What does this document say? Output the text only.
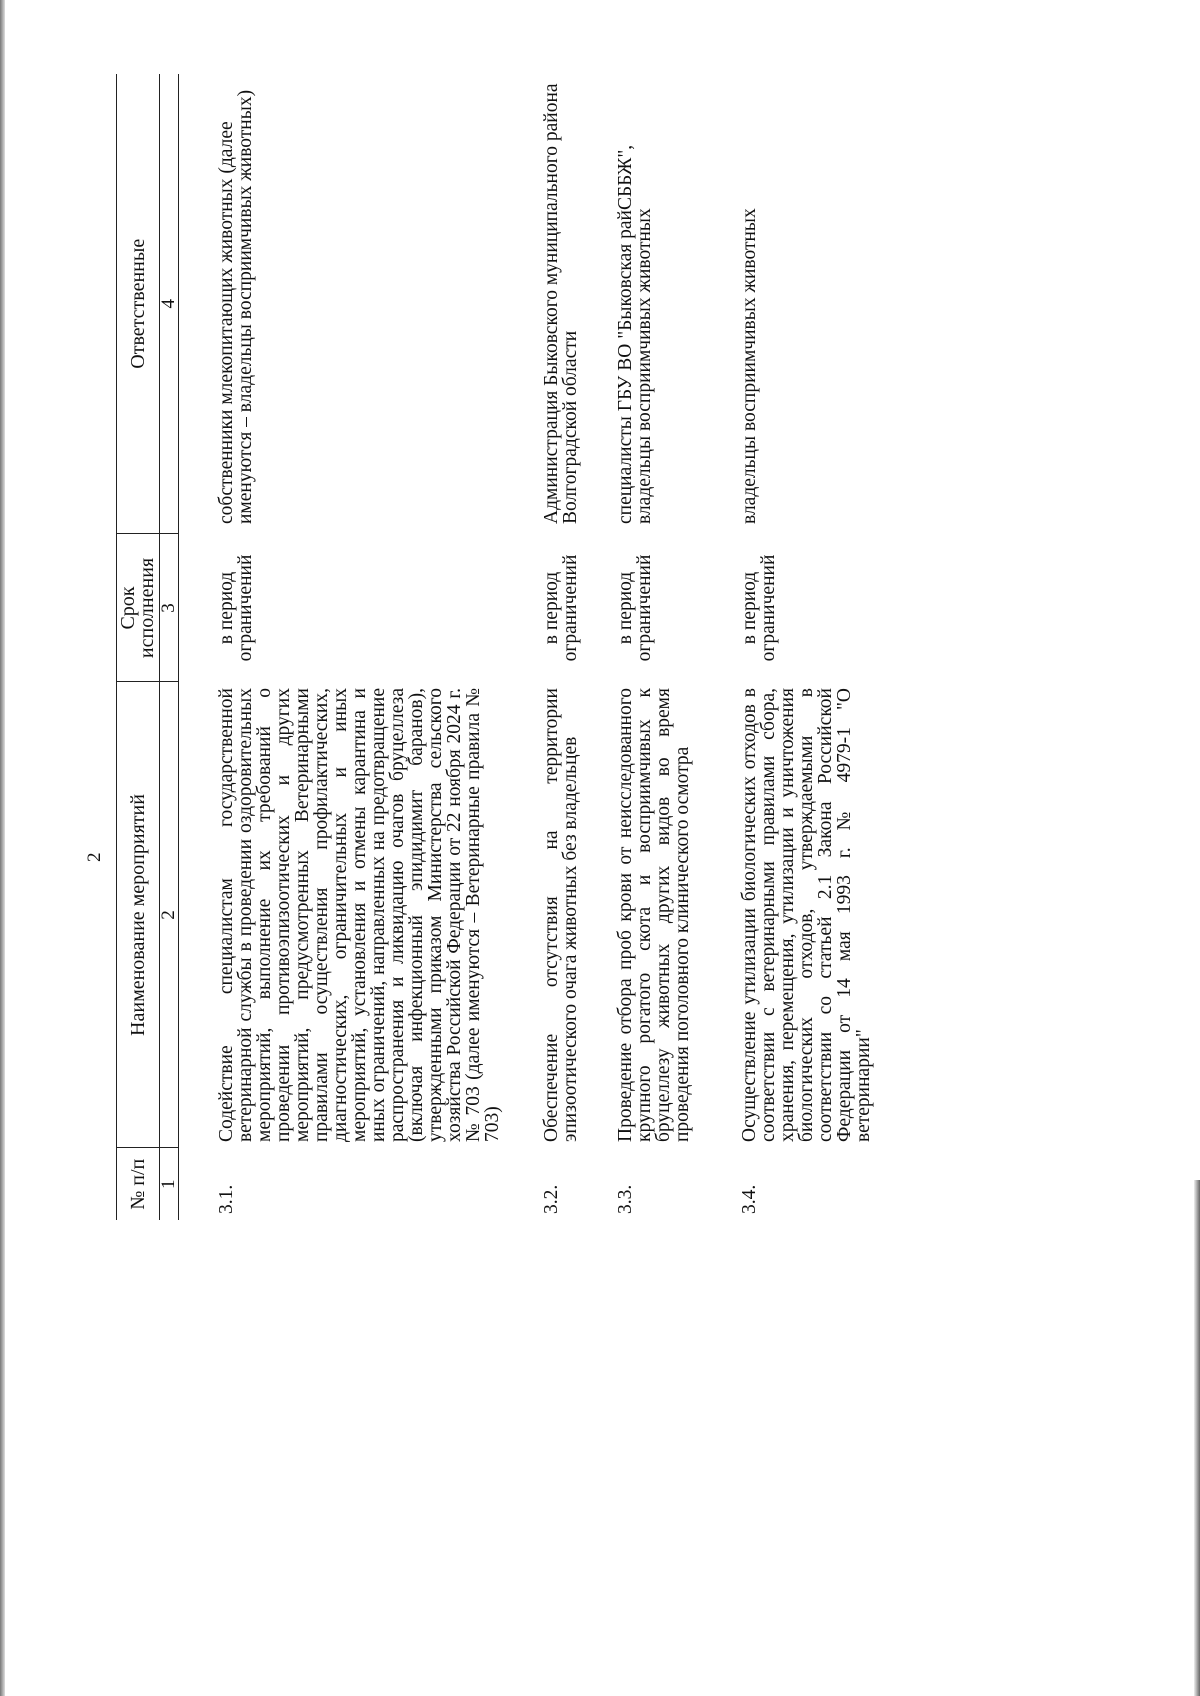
2
№ п/п	Наименование мероприятий	Срок исполнения	Ответственные
1	2	3	4
3.1.	Содействие специалистам государственной ветеринарной службы в проведении оздоровительных мероприятий, выполнение их требований о проведении противоэпизоотических и других мероприятий, предусмотренных Ветеринарными правилами осуществления профилактических, диагностических, ограничительных и иных мероприятий, установления и отмены карантина и иных ограничений, направленных на предотвращение распространения и ликвидацию очагов бруцеллеза (включая инфекционный эпидидимит баранов), утвержденными приказом Министерства сельского хозяйства Российской Федерации от 22 ноября 2024 г. № 703 (далее именуются – Ветеринарные правила № 703)	в период ограничений	собственники млекопитающих животных (далее именуются – владельцы восприимчивых животных)
3.2.	Обеспечение отсутствия на территории эпизоотического очага животных без владельцев	в период ограничений	Администрация Быковского муниципального района Волгоградской области
3.3.	Проведение отбора проб крови от неисследованного крупного рогатого скота и восприимчивых к бруцеллезу животных других видов во время проведения поголовного клинического осмотра	в период ограничений	специалисты ГБУ ВО "Быковская райСББЖ", владельцы восприимчивых животных
3.4.	Осуществление утилизации биологических отходов в соответствии с ветеринарными правилами сбора, хранения, перемещения, утилизации и уничтожения биологических отходов, утверждаемыми в соответствии со статьей 2.1 Закона Российской Федерации от 14 мая 1993 г. № 4979-1 "О ветеринарии"	в период ограничений	владельцы восприимчивых животных
